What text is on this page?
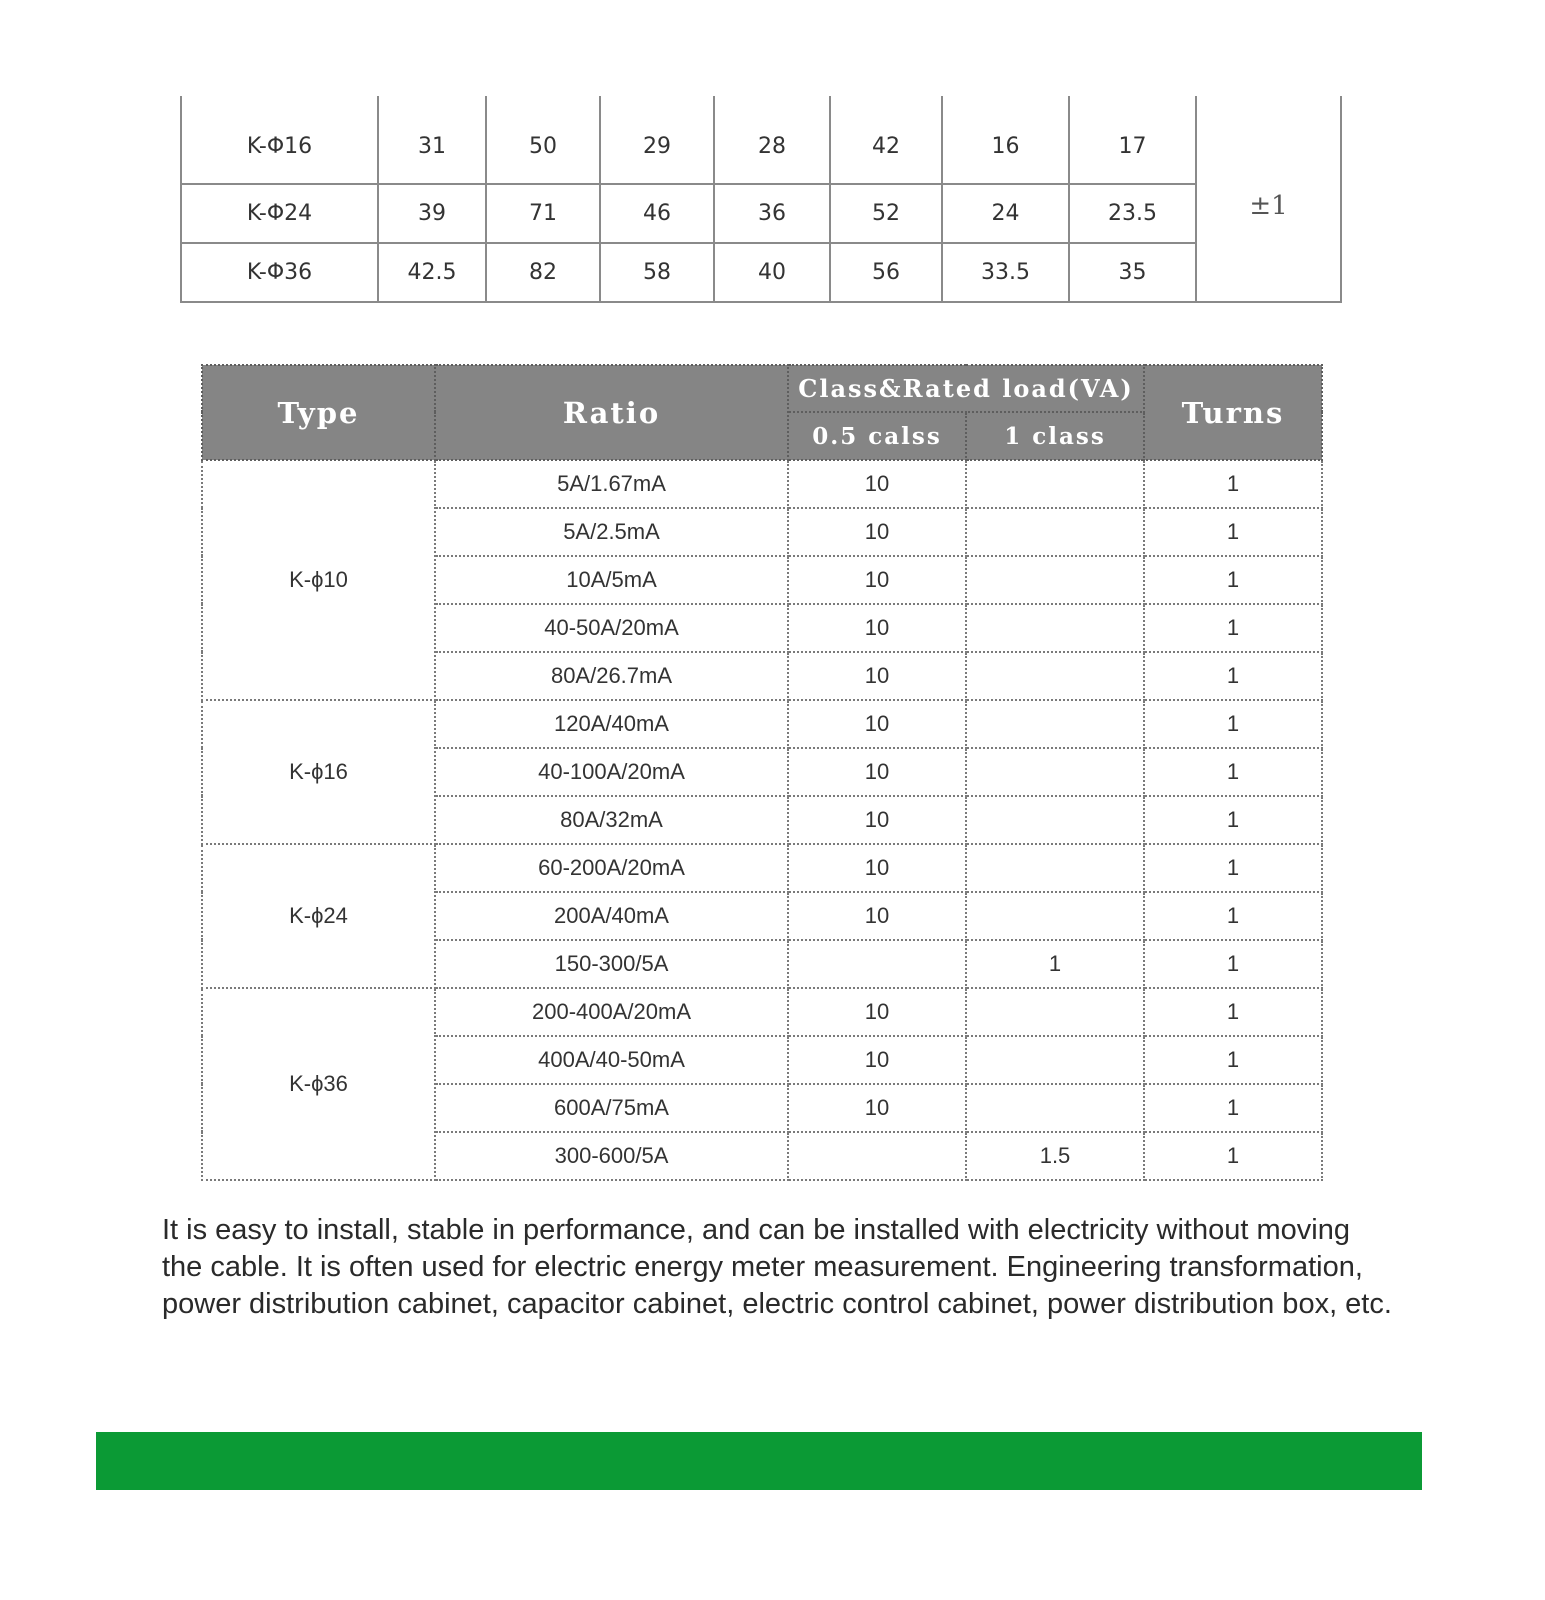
K-Φ16	31	50	29	28	42	16	17	±1
K-Φ24	39	71	46	36	52	24	23.5	
K-Φ36	42.5	82	58	40	56	33.5	35	
Type	Ratio	Class&Rated load(VA)		Turns
		0.5 calss	1 class	
K-ϕ10	5A/1.67mA	10		1
	5A/2.5mA	10		1
	10A/5mA	10		1
	40-50A/20mA	10		1
	80A/26.7mA	10		1
K-ϕ16	120A/40mA	10		1
	40-100A/20mA	10		1
	80A/32mA	10		1
K-ϕ24	60-200A/20mA	10		1
	200A/40mA	10		1
	150-300/5A		1	1
K-ϕ36	200-400A/20mA	10		1
	400A/40-50mA	10		1
	600A/75mA	10		1
	300-600/5A		1.5	1

It is easy to install, stable in performance, and can be installed with electricity without moving the cable. It is often used for electric energy meter measurement. Engineering transformation, power distribution cabinet, capacitor cabinet, electric control cabinet, power distribution box, etc.
